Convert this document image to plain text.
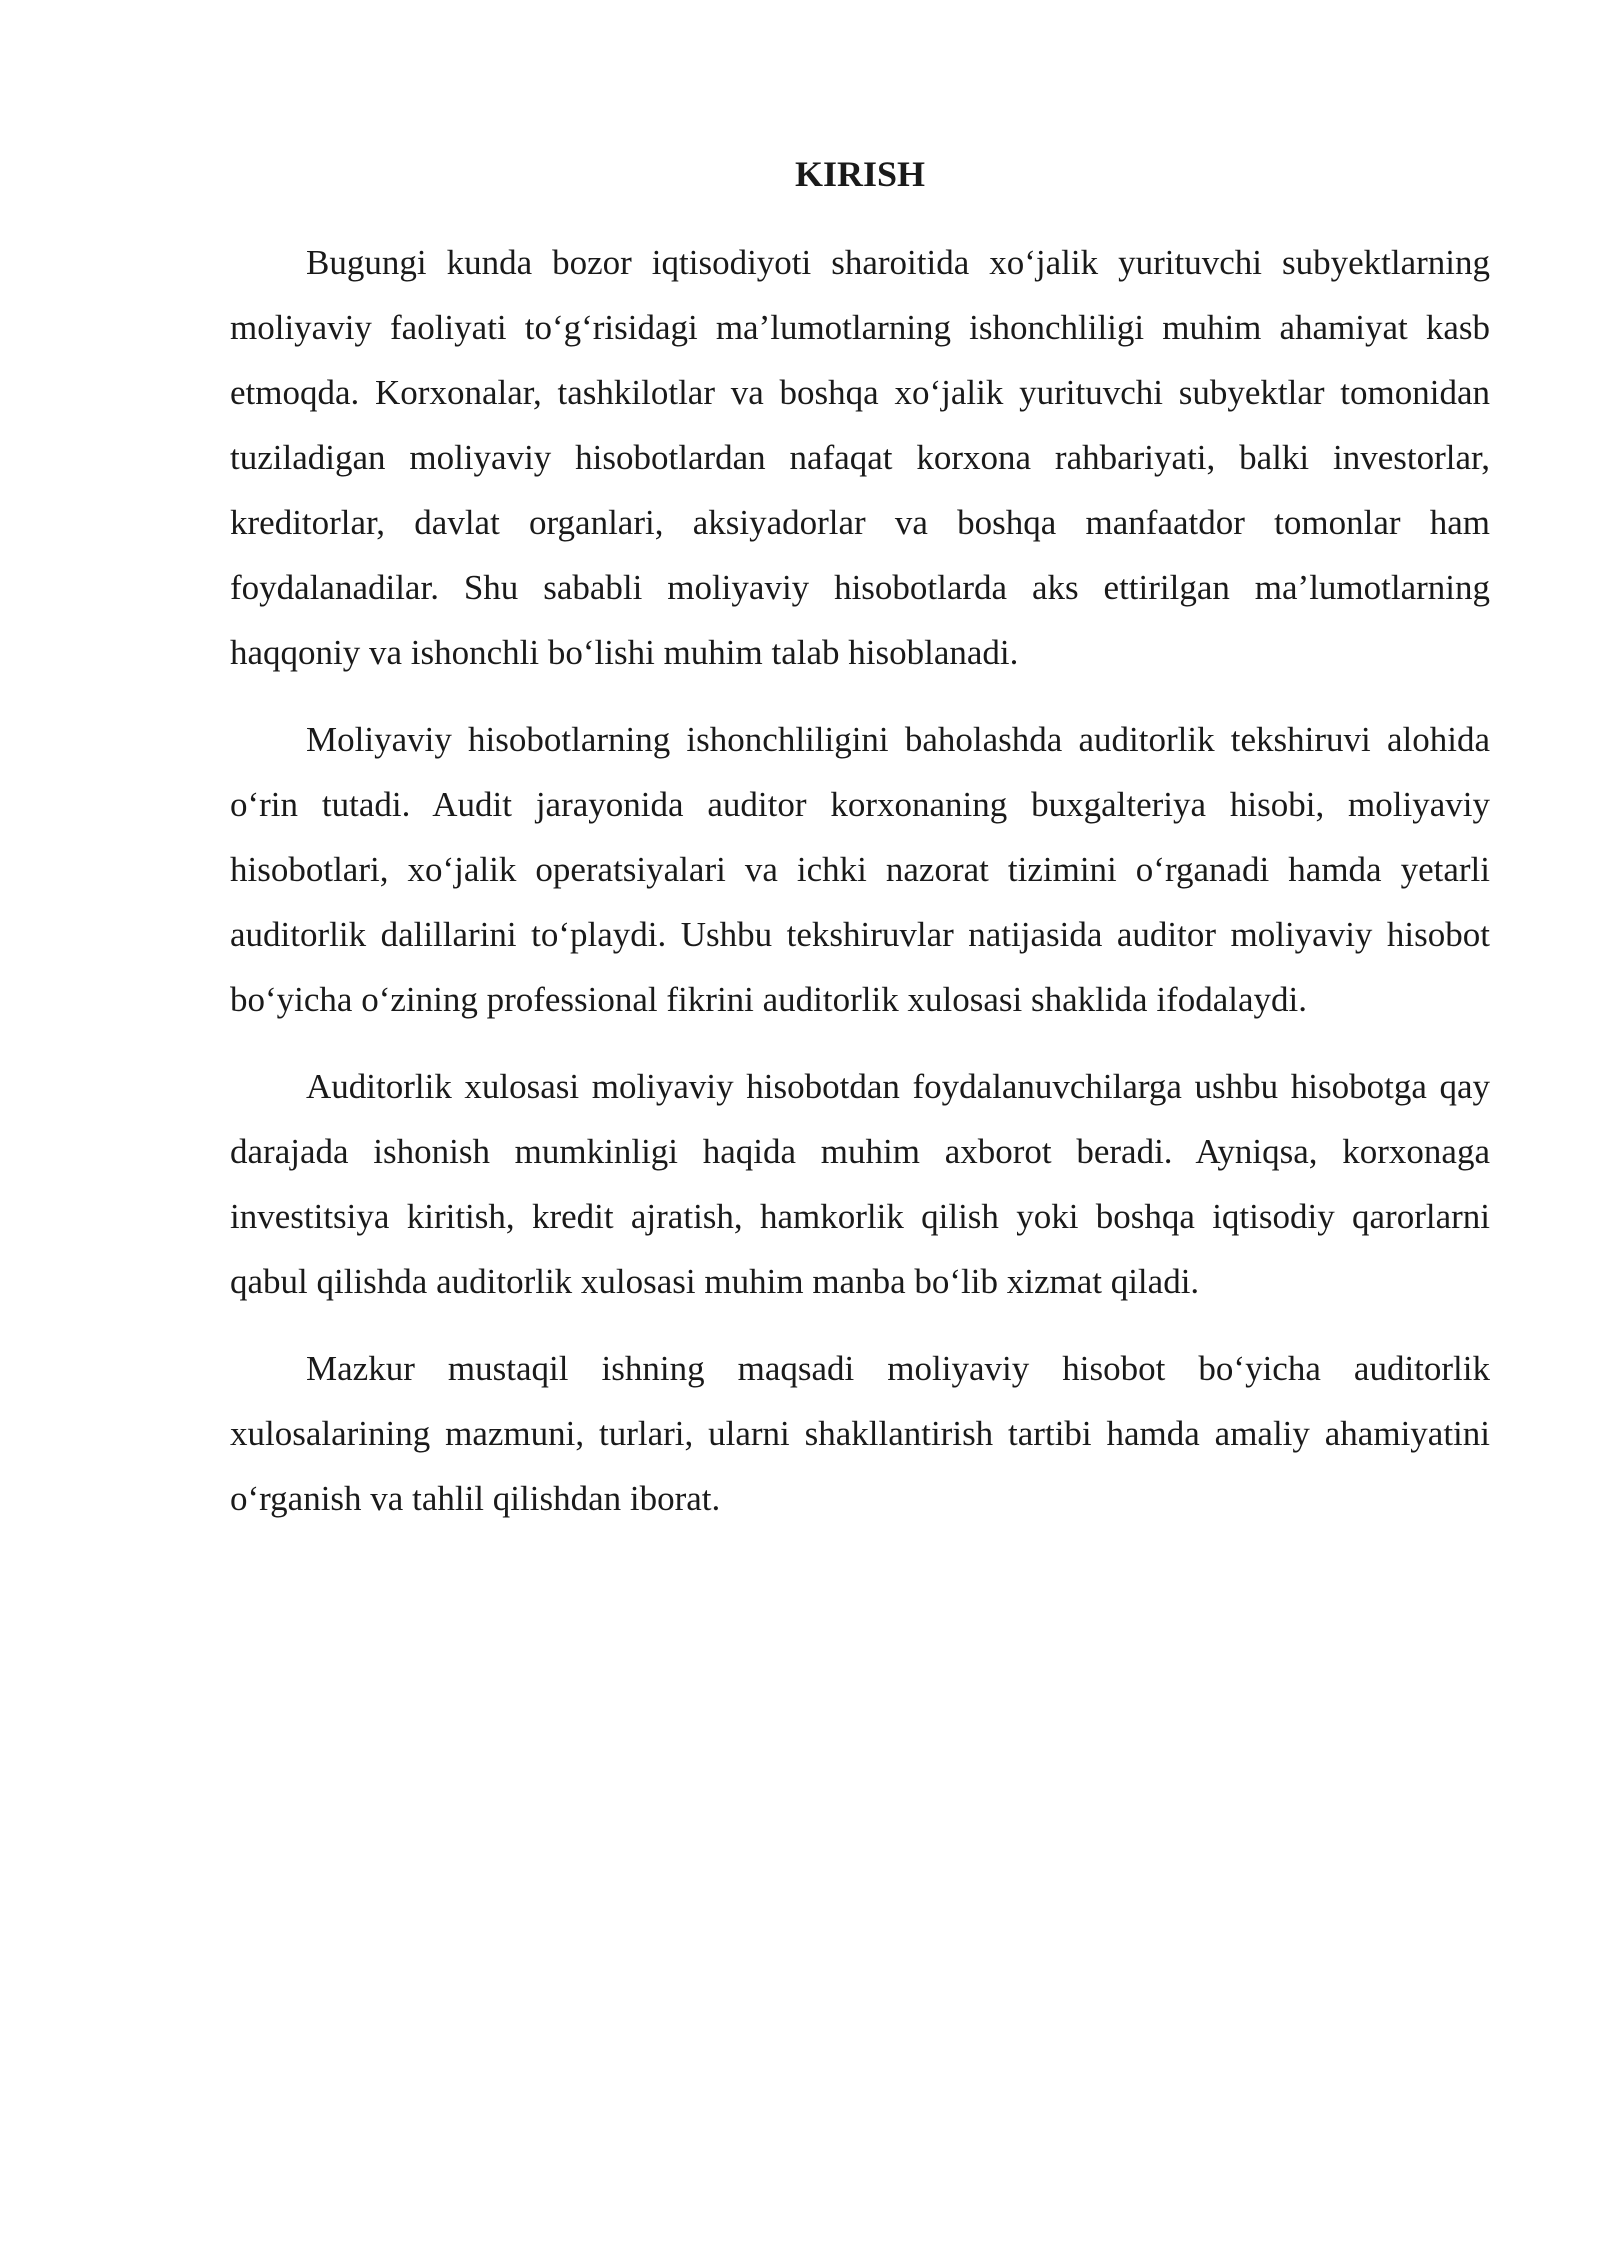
KIRISH

Bugungi kunda bozor iqtisodiyoti sharoitida xo‘jalik yurituvchi subyektlarning moliyaviy faoliyati to‘g‘risidagi ma’lumotlarning ishonchliligi muhim ahamiyat kasb etmoqda. Korxonalar, tashkilotlar va boshqa xo‘jalik yurituvchi subyektlar tomonidan tuziladigan moliyaviy hisobotlardan nafaqat korxona rahbariyati, balki investorlar, kreditorlar, davlat organlari, aksiyadorlar va boshqa manfaatdor tomonlar ham foydalanadilar. Shu sababli moliyaviy hisobotlarda aks ettirilgan ma’lumotlarning haqqoniy va ishonchli bo‘lishi muhim talab hisoblanadi.

Moliyaviy hisobotlarning ishonchliligini baholashda auditorlik tekshiruvi alohida o‘rin tutadi. Audit jarayonida auditor korxonaning buxgalteriya hisobi, moliyaviy hisobotlari, xo‘jalik operatsiyalari va ichki nazorat tizimini o‘rganadi hamda yetarli auditorlik dalillarini to‘playdi. Ushbu tekshiruvlar natijasida auditor moliyaviy hisobot bo‘yicha o‘zining professional fikrini auditorlik xulosasi shaklida ifodalaydi.

Auditorlik xulosasi moliyaviy hisobotdan foydalanuvchilarga ushbu hisobotga qay darajada ishonish mumkinligi haqida muhim axborot beradi. Ayniqsa, korxonaga investitsiya kiritish, kredit ajratish, hamkorlik qilish yoki boshqa iqtisodiy qarorlarni qabul qilishda auditorlik xulosasi muhim manba bo‘lib xizmat qiladi.

Mazkur mustaqil ishning maqsadi moliyaviy hisobot bo‘yicha auditorlik xulosalarining mazmuni, turlari, ularni shakllantirish tartibi hamda amaliy ahamiyatini o‘rganish va tahlil qilishdan iborat.
